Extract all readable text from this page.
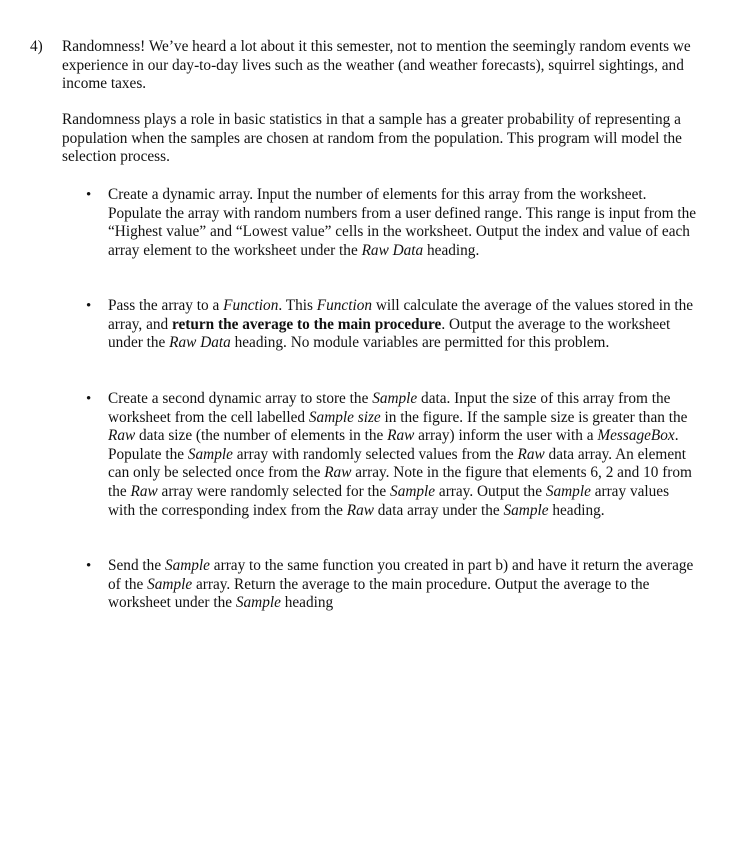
4) Randomness! We’ve heard a lot about it this semester, not to mention the seemingly random events we experience in our day-to-day lives such as the weather (and weather forecasts), squirrel sightings, and income taxes.

Randomness plays a role in basic statistics in that a sample has a greater probability of representing a population when the samples are chosen at random from the population. This program will model the selection process.

• Create a dynamic array. Input the number of elements for this array from the worksheet. Populate the array with random numbers from a user defined range. This range is input from the “Highest value” and “Lowest value” cells in the worksheet. Output the index and value of each array element to the worksheet under the Raw Data heading.

• Pass the array to a Function. This Function will calculate the average of the values stored in the array, and return the average to the main procedure. Output the average to the worksheet under the Raw Data heading. No module variables are permitted for this problem.

• Create a second dynamic array to store the Sample data. Input the size of this array from the worksheet from the cell labelled Sample size in the figure. If the sample size is greater than the Raw data size (the number of elements in the Raw array) inform the user with a MessageBox. Populate the Sample array with randomly selected values from the Raw data array. An element can only be selected once from the Raw array. Note in the figure that elements 6, 2 and 10 from the Raw array were randomly selected for the Sample array. Output the Sample array values with the corresponding index from the Raw data array under the Sample heading.

• Send the Sample array to the same function you created in part b) and have it return the average of the Sample array. Return the average to the main procedure. Output the average to the worksheet under the Sample heading
